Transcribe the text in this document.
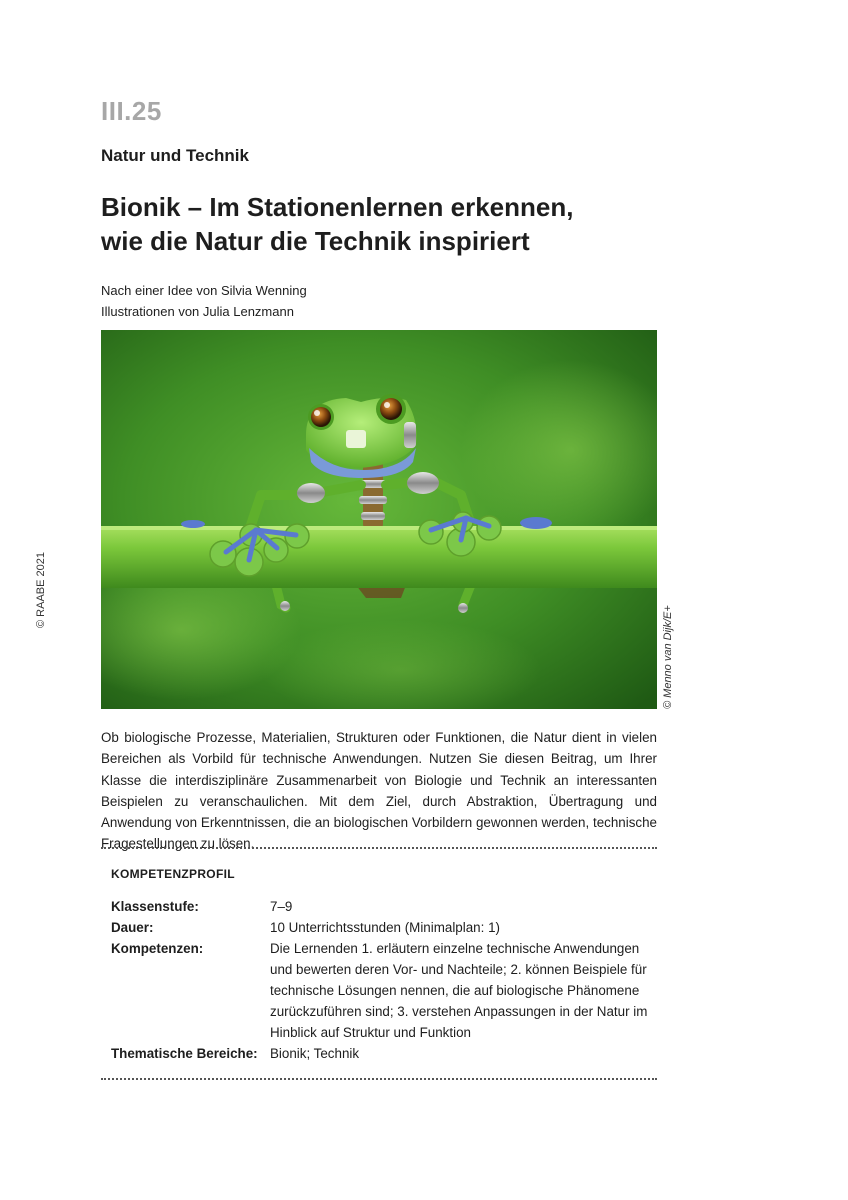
III.25
Natur und Technik
Bionik – Im Stationenlernen erkennen,
wie die Natur die Technik inspiriert
Nach einer Idee von Silvia Wenning
Illustrationen von Julia Lenzmann
© RAABE 2021
© Menno van Dijk/E+
Ob biologische Prozesse, Materialien, Strukturen oder Funktionen, die Natur dient in vielen Bereichen als Vorbild für technische Anwendungen. Nutzen Sie diesen Beitrag, um Ihrer Klasse die interdisziplinäre Zusammenarbeit von Biologie und Technik an interessanten Beispielen zu veranschaulichen. Mit dem Ziel, durch Abstraktion, Übertragung und Anwendung von Erkenntnissen, die an biologischen Vorbildern gewonnen werden, technische Fragestellungen zu lösen.
KOMPETENZPROFIL
Klassenstufe:	7–9
Dauer:	10 Unterrichtsstunden (Minimalplan: 1)
Kompetenzen:	Die Lernenden 1. erläutern einzelne technische Anwendungen und bewerten deren Vor- und Nachteile; 2. können Beispiele für technische Lösungen nennen, die auf biologische Phänomene zurückzuführen sind; 3. verstehen Anpassungen in der Natur im Hinblick auf Struktur und Funktion
Thematische Bereiche: Bionik; Technik
